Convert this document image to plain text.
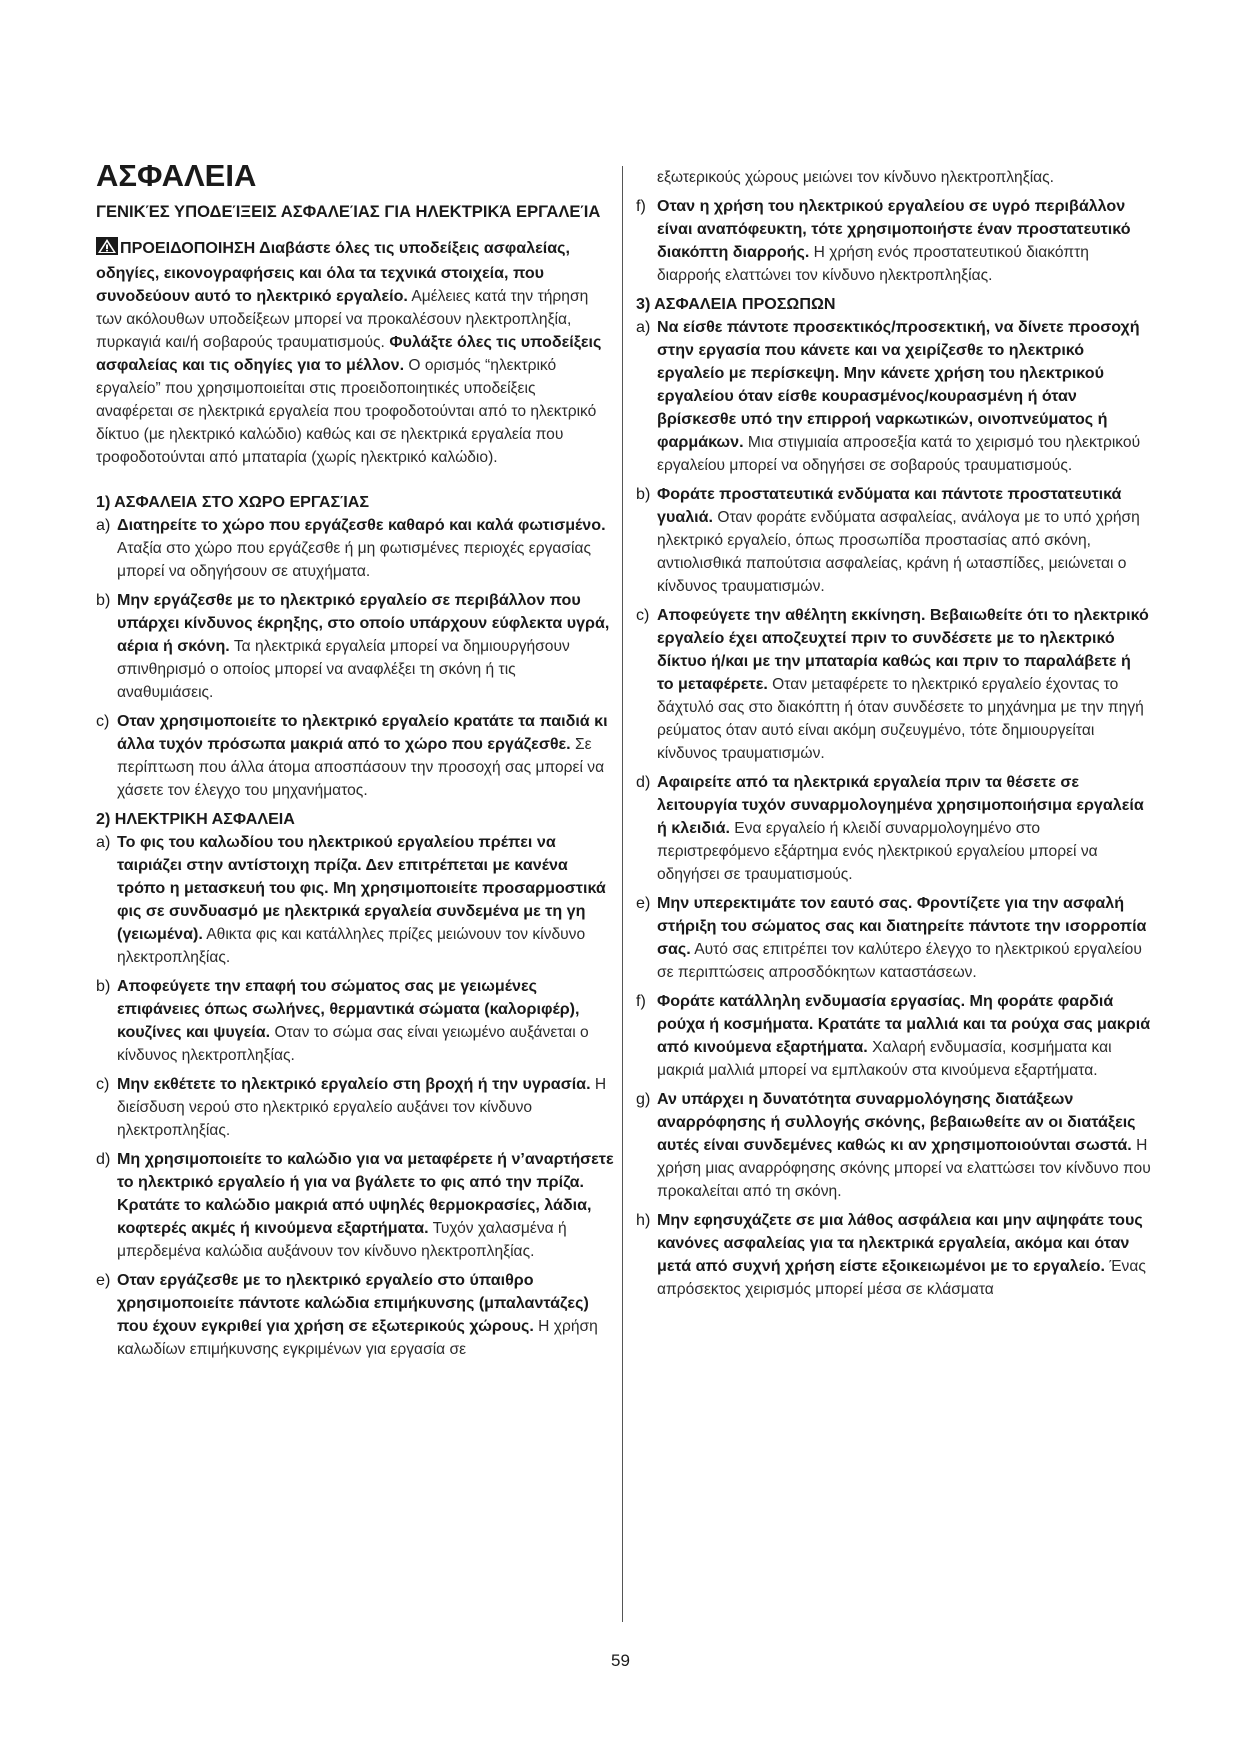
ΑΣΦΑΛΕΙΑ

ΓΕΝΙΚΈΣ ΥΠΟΔΕΊΞΕΙΣ ΑΣΦΑΛΕΊΑΣ ΓΙΑ ΗΛΕΚΤΡΙΚΆ ΕΡΓΑΛΕΊΑ

ΠΡΟΕΙΔΟΠΟΙΗΣΗ Διαβάστε όλες τις υποδείξεις ασφαλείας, οδηγίες, εικονογραφήσεις και όλα τα τεχνικά στοιχεία, που συνοδεύουν αυτό το ηλεκτρικό εργαλείο. Αμέλειες κατά την τήρηση των ακόλουθων υποδείξεων μπορεί να προκαλέσουν ηλεκτροπληξία, πυρκαγιά και/ή σοβαρούς τραυματισμούς. Φυλάξτε όλες τις υποδείξεις ασφαλείας και τις οδηγίες για το μέλλον. Ο ορισμός “ηλεκτρικό εργαλείο” που χρησιμοποιείται στις προειδοποιητικές υποδείξεις αναφέρεται σε ηλεκτρικά εργαλεία που τροφοδοτούνται από το ηλεκτρικό δίκτυο (με ηλεκτρικό καλώδιο) καθώς και σε ηλεκτρικά εργαλεία που τροφοδοτούνται από μπαταρία (χωρίς ηλεκτρικό καλώδιο).

1) ΑΣΦΑΛΕΙΑ ΣΤΟ ΧΩΡΟ ΕΡΓΑΣΊΑΣ

a) Διατηρείτε το χώρο που εργάζεσθε καθαρό και καλά φωτισμένο. Αταξία στο χώρο που εργάζεσθε ή μη φωτισμένες περιοχές εργασίας μπορεί να οδηγήσουν σε ατυχήματα.
b) Μην εργάζεσθε με το ηλεκτρικό εργαλείο σε περιβάλλον που υπάρχει κίνδυνος έκρηξης, στο οποίο υπάρχουν εύφλεκτα υγρά, αέρια ή σκόνη. Τα ηλεκτρικά εργαλεία μπορεί να δημιουργήσουν σπινθηρισμό ο οποίος μπορεί να αναφλέξει τη σκόνη ή τις αναθυμιάσεις.
c) Οταν χρησιμοποιείτε το ηλεκτρικό εργαλείο κρατάτε τα παιδιά κι άλλα τυχόν πρόσωπα μακριά από το χώρο που εργάζεσθε. Σε περίπτωση που άλλα άτομα αποσπάσουν την προσοχή σας μπορεί να χάσετε τον έλεγχο του μηχανήματος.

2) ΗΛΕΚΤΡΙΚΗ ΑΣΦΑΛΕΙΑ

a) Το φις του καλωδίου του ηλεκτρικού εργαλείου πρέπει να ταιριάζει στην αντίστοιχη πρίζα. Δεν επιτρέπεται με κανένα τρόπο η μετασκευή του φις. Μη χρησιμοποιείτε προσαρμοστικά φις σε συνδυασμό με ηλεκτρικά εργαλεία συνδεμένα με τη γη (γειωμένα). Αθικτα φις και κατάλληλες πρίζες μειώνουν τον κίνδυνο ηλεκτροπληξίας.
b) Αποφεύγετε την επαφή του σώματος σας με γειωμένες επιφάνειες όπως σωλήνες, θερμαντικά σώματα (καλοριφέρ), κουζίνες και ψυγεία. Οταν το σώμα σας είναι γειωμένο αυξάνεται ο κίνδυνος ηλεκτροπληξίας.
c) Μην εκθέτετε το ηλεκτρικό εργαλείο στη βροχή ή την υγρασία. Η διείσδυση νερού στο ηλεκτρικό εργαλείο αυξάνει τον κίνδυνο ηλεκτροπληξίας.
d) Μη χρησιμοποιείτε το καλώδιο για να μεταφέρετε ή ν’αναρτήσετε το ηλεκτρικό εργαλείο ή για να βγάλετε το φις από την πρίζα. Κρατάτε το καλώδιο μακριά από υψηλές θερμοκρασίες, λάδια, κοφτερές ακμές ή κινούμενα εξαρτήματα. Τυχόν χαλασμένα ή μπερδεμένα καλώδια αυξάνουν τον κίνδυνο ηλεκτροπληξίας.
e) Οταν εργάζεσθε με το ηλεκτρικό εργαλείο στο ύπαιθρο χρησιμοποιείτε πάντοτε καλώδια επιμήκυνσης (μπαλαντάζες) που έχουν εγκριθεί για χρήση σε εξωτερικούς χώρους. Η χρήση καλωδίων επιμήκυνσης εγκριμένων για εργασία σε
εξωτερικούς χώρους μειώνει τον κίνδυνο ηλεκτροπληξίας.
f) Οταν η χρήση του ηλεκτρικού εργαλείου σε υγρό περιβάλλον είναι αναπόφευκτη, τότε χρησιμοποιήστε έναν προστατευτικό διακόπτη διαρροής. Η χρήση ενός προστατευτικού διακόπτη διαρροής ελαττώνει τον κίνδυνο ηλεκτροπληξίας.

3) ΑΣΦΑΛΕΙΑ ΠΡΟΣΩΠΩΝ

a) Να είσθε πάντοτε προσεκτικός/προσεκτική, να δίνετε προσοχή στην εργασία που κάνετε και να χειρίζεσθε το ηλεκτρικό εργαλείο με περίσκεψη. Μην κάνετε χρήση του ηλεκτρικού εργαλείου όταν είσθε κουρασμένος/κουρασμένη ή όταν βρίσκεσθε υπό την επιρροή ναρκωτικών, οινοπνεύματος ή φαρμάκων. Μια στιγμιαία απροσεξία κατά το χειρισμό του ηλεκτρικού εργαλείου μπορεί να οδηγήσει σε σοβαρούς τραυματισμούς.
b) Φοράτε προστατευτικά ενδύματα και πάντοτε προστατευτικά γυαλιά. Οταν φοράτε ενδύματα ασφαλείας, ανάλογα με το υπό χρήση ηλεκτρικό εργαλείο, όπως προσωπίδα προστασίας από σκόνη, αντιολισθικά παπούτσια ασφαλείας, κράνη ή ωτασπίδες, μειώνεται ο κίνδυνος τραυματισμών.
c) Αποφεύγετε την αθέλητη εκκίνηση. Βεβαιωθείτε ότι το ηλεκτρικό εργαλείο έχει αποζευχτεί πριν το συνδέσετε με το ηλεκτρικό δίκτυο ή/και με την μπαταρία καθώς και πριν το παραλάβετε ή το μεταφέρετε. Οταν μεταφέρετε το ηλεκτρικό εργαλείο έχοντας το δάχτυλό σας στο διακόπτη ή όταν συνδέσετε το μηχάνημα με την πηγή ρεύματος όταν αυτό είναι ακόμη συζευγμένο, τότε δημιουργείται κίνδυνος τραυματισμών.
d) Αφαιρείτε από τα ηλεκτρικά εργαλεία πριν τα θέσετε σε λειτουργία τυχόν συναρμολογημένα χρησιμοποιήσιμα εργαλεία ή κλειδιά. Ενα εργαλείο ή κλειδί συναρμολογημένο στο περιστρεφόμενο εξάρτημα ενός ηλεκτρικού εργαλείου μπορεί να οδηγήσει σε τραυματισμούς.
e) Μην υπερεκτιμάτε τον εαυτό σας. Φροντίζετε για την ασφαλή στήριξη του σώματος σας και διατηρείτε πάντοτε την ισορροπία σας. Αυτό σας επιτρέπει τον καλύτερο έλεγχο το ηλεκτρικού εργαλείου σε περιπτώσεις απροσδόκητων καταστάσεων.
f) Φοράτε κατάλληλη ενδυμασία εργασίας. Μη φοράτε φαρδιά ρούχα ή κοσμήματα. Κρατάτε τα μαλλιά και τα ρούχα σας μακριά από κινούμενα εξαρτήματα. Χαλαρή ενδυμασία, κοσμήματα και μακριά μαλλιά μπορεί να εμπλακούν στα κινούμενα εξαρτήματα.
g) Αν υπάρχει η δυνατότητα συναρμολόγησης διατάξεων αναρρόφησης ή συλλογής σκόνης, βεβαιωθείτε αν οι διατάξεις αυτές είναι συνδεμένες καθώς κι αν χρησιμοποιούνται σωστά. Η χρήση μιας αναρρόφησης σκόνης μπορεί να ελαττώσει τον κίνδυνο που προκαλείται από τη σκόνη.
h) Μην εφησυχάζετε σε μια λάθος ασφάλεια και μην αψηφάτε τους κανόνες ασφαλείας για τα ηλεκτρικά εργαλεία, ακόμα και όταν μετά από συχνή χρήση είστε εξοικειωμένοι με το εργαλείο. Ένας απρόσεκτος χειρισμός μπορεί μέσα σε κλάσματα
59
